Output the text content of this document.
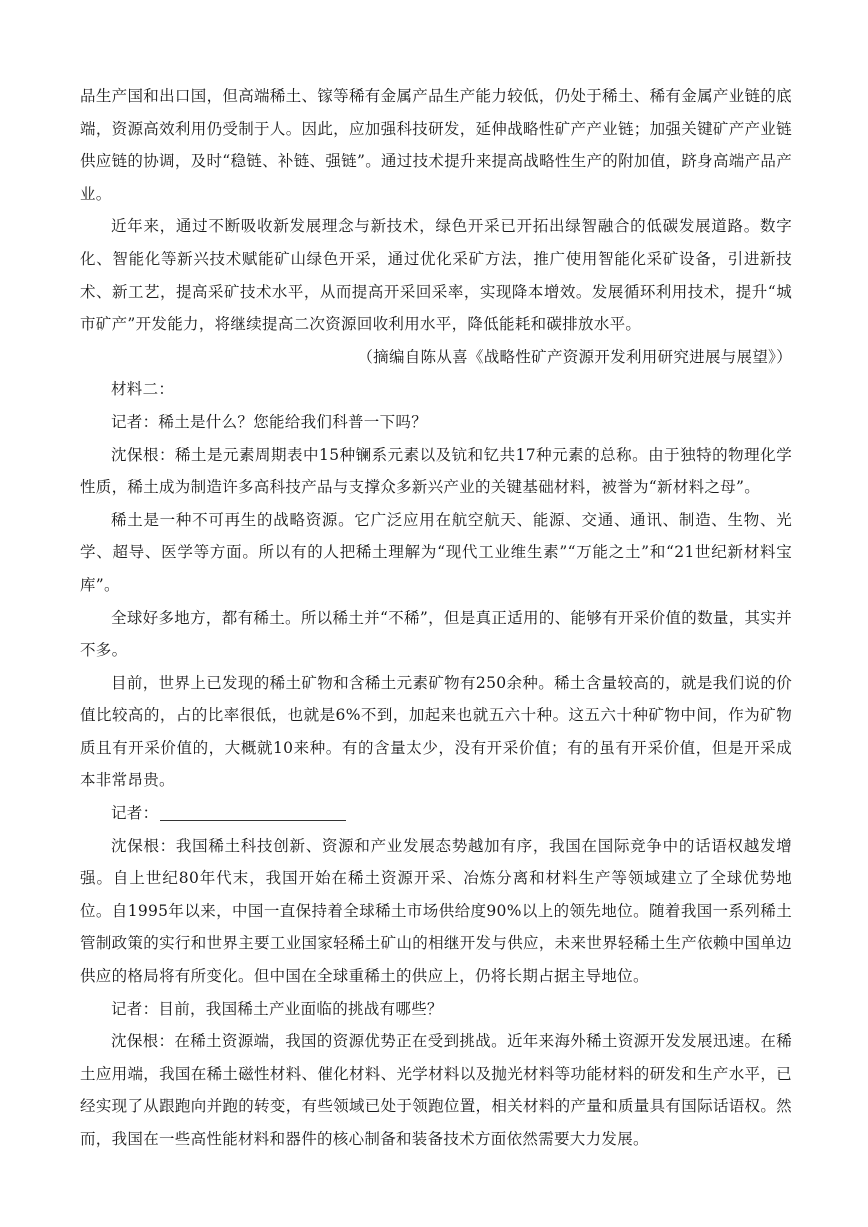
品生产国和出口国，但高端稀土、镓等稀有金属产品生产能力较低，仍处于稀土、稀有金属产业链的底端，资源高效利用仍受制于人。因此，应加强科技研发，延伸战略性矿产产业链；加强关键矿产产业链供应链的协调，及时“稳链、补链、强链”。通过技术提升来提高战略性生产的附加值，跻身高端产品产业。

近年来，通过不断吸收新发展理念与新技术，绿色开采已开拓出绿智融合的低碳发展道路。数字化、智能化等新兴技术赋能矿山绿色开采，通过优化采矿方法，推广使用智能化采矿设备，引进新技术、新工艺，提高采矿技术水平，从而提高开采回采率，实现降本增效。发展循环利用技术，提升“城市矿产”开发能力，将继续提高二次资源回收利用水平，降低能耗和碳排放水平。

（摘编自陈从喜《战略性矿产资源开发利用研究进展与展望》）

材料二：

记者：稀土是什么？您能给我们科普一下吗？

沈保根：稀土是元素周期表中15种镧系元素以及钪和钇共17种元素的总称。由于独特的物理化学性质，稀土成为制造许多高科技产品与支撑众多新兴产业的关键基础材料，被誉为“新材料之母”。

稀土是一种不可再生的战略资源。它广泛应用在航空航天、能源、交通、通讯、制造、生物、光学、超导、医学等方面。所以有的人把稀土理解为“现代工业维生素”“万能之土”和“21世纪新材料宝库”。

全球好多地方，都有稀土。所以稀土并“不稀”，但是真正适用的、能够有开采价值的数量，其实并不多。

目前，世界上已发现的稀土矿物和含稀土元素矿物有250余种。稀土含量较高的，就是我们说的价值比较高的，占的比率很低，也就是6%不到，加起来也就五六十种。这五六十种矿物中间，作为矿物质且有开采价值的，大概就10来种。有的含量太少，没有开采价值；有的虽有开采价值，但是开采成本非常昂贵。

记者：

沈保根：我国稀土科技创新、资源和产业发展态势越加有序，我国在国际竞争中的话语权越发增强。自上世纪80年代末，我国开始在稀土资源开采、冶炼分离和材料生产等领域建立了全球优势地位。自1995年以来，中国一直保持着全球稀土市场供给度90%以上的领先地位。随着我国一系列稀土管制政策的实行和世界主要工业国家轻稀土矿山的相继开发与供应，未来世界轻稀土生产依赖中国单边供应的格局将有所变化。但中国在全球重稀土的供应上，仍将长期占据主导地位。

记者：目前，我国稀土产业面临的挑战有哪些？

沈保根：在稀土资源端，我国的资源优势正在受到挑战。近年来海外稀土资源开发发展迅速。在稀土应用端，我国在稀土磁性材料、催化材料、光学材料以及抛光材料等功能材料的研发和生产水平，已经实现了从跟跑向并跑的转变，有些领域已处于领跑位置，相关材料的产量和质量具有国际话语权。然而，我国在一些高性能材料和器件的核心制备和装备技术方面依然需要大力发展。
